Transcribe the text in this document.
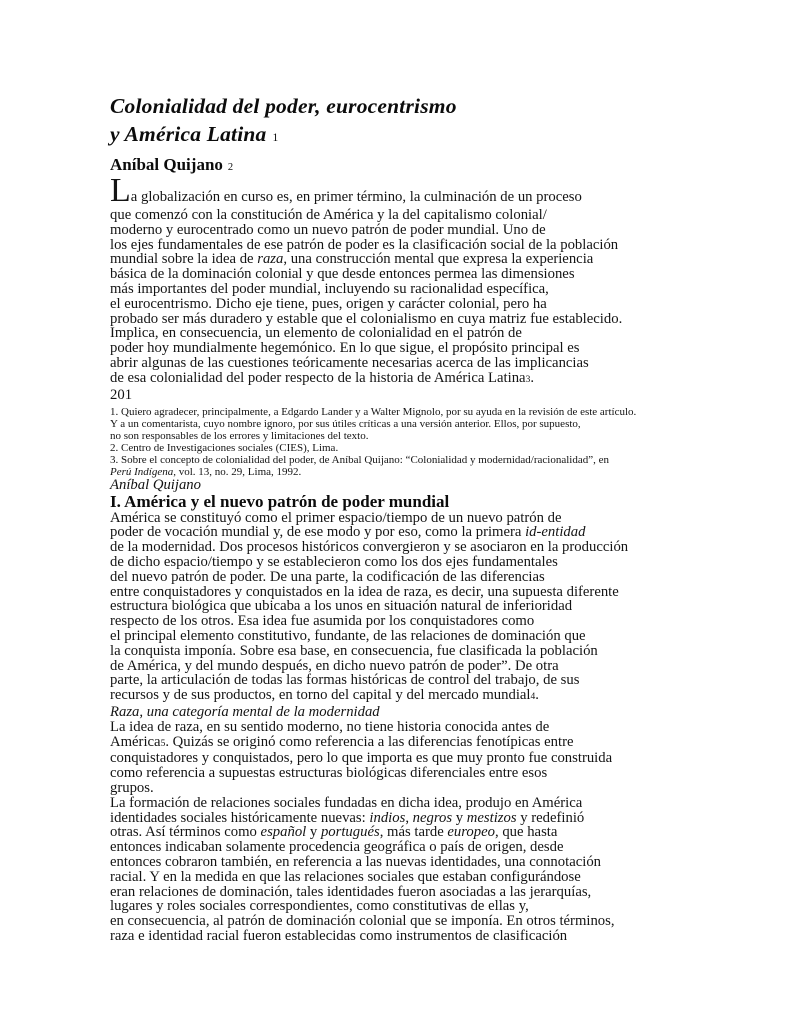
Colonialidad del poder, eurocentrismo
y América Latina 1
Aníbal Quijano 2
La globalización en curso es, en primer término, la culminación de un proceso
que comenzó con la constitución de América y la del capitalismo colonial/
moderno y eurocentrado como un nuevo patrón de poder mundial. Uno de
los ejes fundamentales de ese patrón de poder es la clasificación social de la población
mundial sobre la idea de raza, una construcción mental que expresa la experiencia
básica de la dominación colonial y que desde entonces permea las dimensiones
más importantes del poder mundial, incluyendo su racionalidad específica,
el eurocentrismo. Dicho eje tiene, pues, origen y carácter colonial, pero ha
probado ser más duradero y estable que el colonialismo en cuya matriz fue establecido.
Implica, en consecuencia, un elemento de colonialidad en el patrón de
poder hoy mundialmente hegemónico. En lo que sigue, el propósito principal es
abrir algunas de las cuestiones teóricamente necesarias acerca de las implicancias
de esa colonialidad del poder respecto de la historia de América Latina3.
201
1. Quiero agradecer, principalmente, a Edgardo Lander y a Walter Mignolo, por su ayuda en la revisión de este artículo.
Y a un comentarista, cuyo nombre ignoro, por sus útiles críticas a una versión anterior. Ellos, por supuesto,
no son responsables de los errores y limitaciones del texto.
2. Centro de Investigaciones sociales (CIES), Lima.
3. Sobre el concepto de colonialidad del poder, de Aníbal Quijano: “Colonialidad y modernidad/racionalidad”, en
Perú Indígena, vol. 13, no. 29, Lima, 1992.
Aníbal Quijano
I. América y el nuevo patrón de poder mundial
América se constituyó como el primer espacio/tiempo de un nuevo patrón de
poder de vocación mundial y, de ese modo y por eso, como la primera id-entidad
de la modernidad. Dos procesos históricos convergieron y se asociaron en la producción
de dicho espacio/tiempo y se establecieron como los dos ejes fundamentales
del nuevo patrón de poder. De una parte, la codificación de las diferencias
entre conquistadores y conquistados en la idea de raza, es decir, una supuesta diferente
estructura biológica que ubicaba a los unos en situación natural de inferioridad
respecto de los otros. Esa idea fue asumida por los conquistadores como
el principal elemento constitutivo, fundante, de las relaciones de dominación que
la conquista imponía. Sobre esa base, en consecuencia, fue clasificada la población
de América, y del mundo después, en dicho nuevo patrón de poder”. De otra
parte, la articulación de todas las formas históricas de control del trabajo, de sus
recursos y de sus productos, en torno del capital y del mercado mundial4.
Raza, una categoría mental de la modernidad
La idea de raza, en su sentido moderno, no tiene historia conocida antes de
América5. Quizás se originó como referencia a las diferencias fenotípicas entre
conquistadores y conquistados, pero lo que importa es que muy pronto fue construida
como referencia a supuestas estructuras biológicas diferenciales entre esos
grupos.
La formación de relaciones sociales fundadas en dicha idea, produjo en América
identidades sociales históricamente nuevas: indios, negros y mestizos y redefinió
otras. Así términos como español y portugués, más tarde europeo, que hasta
entonces indicaban solamente procedencia geográfica o país de origen, desde
entonces cobraron también, en referencia a las nuevas identidades, una connotación
racial. Y en la medida en que las relaciones sociales que estaban configurándose
eran relaciones de dominación, tales identidades fueron asociadas a las jerarquías,
lugares y roles sociales correspondientes, como constitutivas de ellas y,
en consecuencia, al patrón de dominación colonial que se imponía. En otros términos,
raza e identidad racial fueron establecidas como instrumentos de clasificación
